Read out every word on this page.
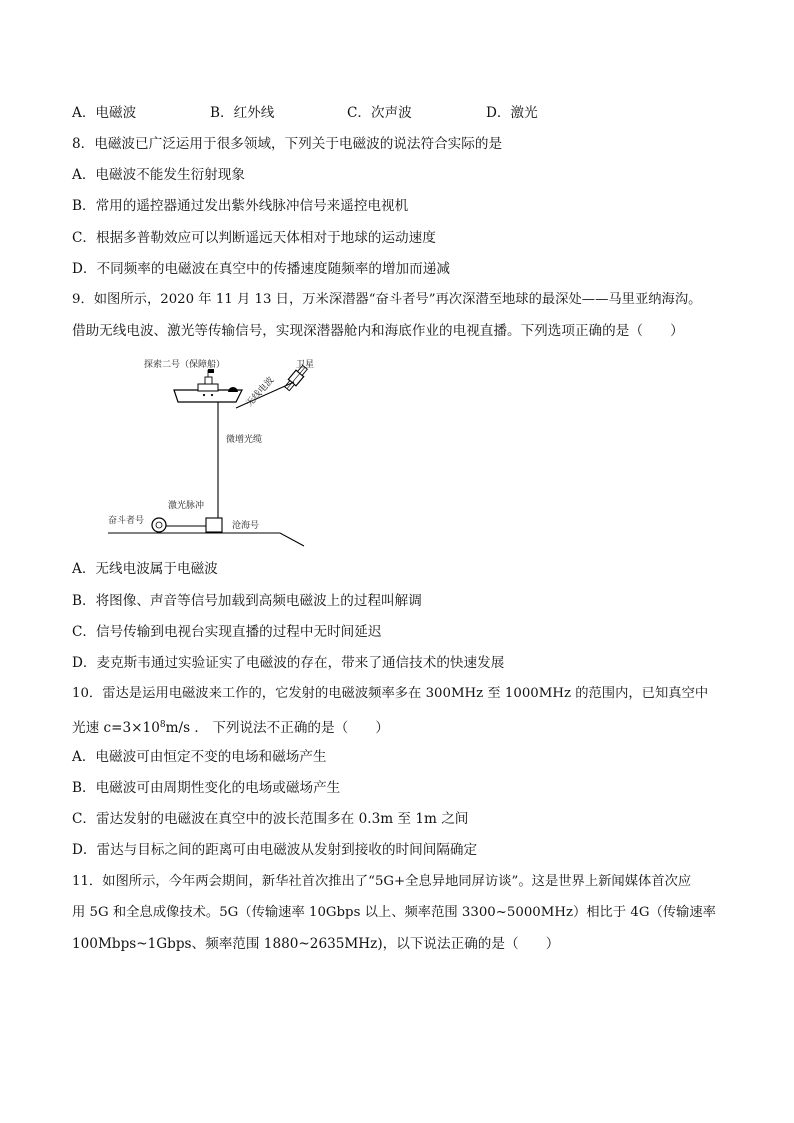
A．电磁波	B．红外线	C．次声波	D．激光
8．电磁波已广泛运用于很多领域，下列关于电磁波的说法符合实际的是
A．电磁波不能发生衍射现象
B．常用的遥控器通过发出紫外线脉冲信号来遥控电视机
C．根据多普勒效应可以判断遥远天体相对于地球的运动速度
D．不同频率的电磁波在真空中的传播速度随频率的增加而递减
9．如图所示，2020 年 11 月 13 日，万米深潜器“奋斗者号”再次深潜至地球的最深处——马里亚纳海沟。
借助无线电波、激光等传输信号，实现深潜器舱内和海底作业的电视直播。下列选项正确的是（　　）
卫星
无线电波
探索二号（保障船）
微增光缆
沧海号
激光脉冲
奋斗者号
A．无线电波属于电磁波
B．将图像、声音等信号加载到高频电磁波上的过程叫解调
C．信号传输到电视台实现直播的过程中无时间延迟
D．麦克斯韦通过实验证实了电磁波的存在，带来了通信技术的快速发展
10．雷达是运用电磁波来工作的，它发射的电磁波频率多在 300MHz 至 1000MHz 的范围内，已知真空中
光速 $c=3\times 10^8m/s$ ． 下列说法不正确的是（　　）
A．电磁波可由恒定不变的电场和磁场产生
B．电磁波可由周期性变化的电场或磁场产生
C．雷达发射的电磁波在真空中的波长范围多在 0.3m 至 1m 之间
D．雷达与目标之间的距离可由电磁波从发射到接收的时间间隔确定
11．如图所示，今年两会期间，新华社首次推出了“5G+全息异地同屏访谈”。这是世界上新闻媒体首次应
用 5G 和全息成像技术。5G（传输速率 10Gbps 以上、频率范围 3300~5000MHz）相比于 4G（传输速率
100Mbps~1Gbps、频率范围 1880~2635MHz)，以下说法正确的是（　　）
